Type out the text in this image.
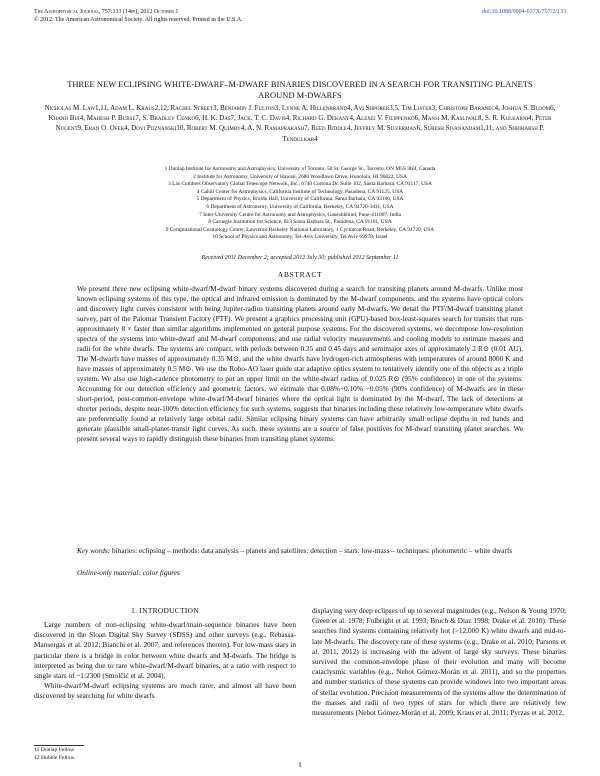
The Astrophysical Journal, 757:133 (14pp), 2012 October 1
© 2012. The American Astronomical Society. All rights reserved. Printed in the U.S.A.
doi:10.1088/0004-637X/757/2/133
THREE NEW ECLIPSING WHITE-DWARF–M-DWARF BINARIES DISCOVERED IN A SEARCH FOR TRANSITING PLANETS AROUND M-DWARFS
Nicholas M. Law1,11, Adam L. Kraus2,12, Rachel Street3, Benjamin J. Fulton3, Lynne A. Hillenbrand4, Avi Shporer3,5, Tim Lister3, Christoph Baranec4, Joshua S. Bloom6, Khanh Bui4, Mahesh P. Burse7, S. Bradley Cenko6, H. K. Das7, Jack. T. C. Davis4, Richard G. Dekany4, Alexei V. Filippenko6, Mansi M. Kasliwal8, S. R. Kulkarni4, Peter Nugent9, Eran O. Ofek4, Dovi Poznanski10, Robert M. Quimby4, A. N. Ramaprakash7, Reed Riddle4, Jeffrey M. Silverman6, Suresh Sivanandam1,11, and Shriharsh P. Tendulkar4
1 Dunlap Institute for Astronomy and Astrophysics, University of Toronto, 50 St. George St., Toronto, ON M5S 3H4, Canada
2 Institute for Astronomy, University of Hawaii, 2680 Woodlawn Drive, Honolulu, HI 96822, USA
3 Las Cumbres Observatory Global Telescope Network, Inc., 6740 Cortona Dr. Suite 102, Santa Barbara, CA 93117, USA
4 Cahill Center for Astrophysics, California Institute of Technology, Pasadena, CA 91125, USA
5 Department of Physics, Broida Hall, University of California, Santa Barbara, CA 93106, USA
6 Department of Astronomy, University of California, Berkeley, CA 94720-3411, USA
7 Inter-University Centre for Astronomy and Astrophysics, Ganeshkhind, Pune-411007, India
8 Carnegie Institution for Science, 813 Santa Barbara St., Pasadena, CA 91101, USA
9 Computational Cosmology Center, Lawrence Berkeley National Laboratory, 1 Cyclotron Road, Berkeley, CA 94720, USA
10 School of Physics and Astronomy, Tel-Aviv University, Tel Aviv 69978, Israel
Received 2011 December 2; accepted 2012 July 30; published 2012 September 11
ABSTRACT
We present three new eclipsing white-dwarf/M-dwarf binary systems discovered during a search for transiting planets around M-dwarfs. Unlike most known eclipsing systems of this type, the optical and infrared emission is dominated by the M-dwarf components, and the systems have optical colors and discovery light curves consistent with being Jupiter-radius transiting planets around early M-dwarfs. We detail the PTF/M-dwarf transiting planet survey, part of the Palomar Transient Factory (PTF). We present a graphics processing unit (GPU)-based box-least-squares search for transits that runs approximately 8 × faster than similar algorithms implemented on general purpose systems. For the discovered systems, we decompose low-resolution spectra of the systems into white-dwarf and M-dwarf components, and use radial velocity measurements and cooling models to estimate masses and radii for the white dwarfs. The systems are compact, with periods between 0.35 and 0.45 days and semimajor axes of approximately 2 R⊙ (0.01 AU). The M-dwarfs have masses of approximately 0.35 M⊙, and the white dwarfs have hydrogen-rich atmospheres with temperatures of around 8000 K and have masses of approximately 0.5 M⊙. We use the Robo-AO laser guide star adaptive optics system to tentatively identify one of the objects as a triple system. We also use high-cadence photometry to put an upper limit on the white-dwarf radius of 0.025 R⊙ (95% confidence) in one of the systems. Accounting for our detection efficiency and geometric factors, we estimate that 0.08%+0.10% −0.05% (90% confidence) of M-dwarfs are in these short-period, post-common-envelope white-dwarf/M-dwarf binaries where the optical light is dominated by the M-dwarf. The lack of detections at shorter periods, despite near-100% detection efficiency for such systems, suggests that binaries including these relatively low-temperature white dwarfs are preferentially found at relatively large orbital radii. Similar eclipsing binary systems can have arbitrarily small eclipse depths in red bands and generate plausible small-planet-transit light curves. As such, these systems are a source of false positives for M-dwarf transiting planet searches. We present several ways to rapidly distinguish these binaries from transiting planet systems.
Key words: binaries: eclipsing – methods: data analysis – planets and satellites: detection – stars: low-mass – techniques: photometric – white dwarfs
Online-only material: color figures
1. INTRODUCTION

Large numbers of non-eclipsing white-dwarf/main-sequence binaries have been discovered in the Sloan Digital Sky Survey (SDSS) and other surveys (e.g., Rebassa-Mansergas et al. 2012; Bianchi et al. 2007, and references therein). For low-mass stars in particular there is a bridge in color between white dwarfs and M-dwarfs. The bridge is interpreted as being due to rare white-dwarf/M-dwarf binaries, at a ratio with respect to single stars of ~1:2300 (Smolčić et al. 2004).

White-dwarf/M-dwarf eclipsing systems are much rarer, and almost all have been discovered by searching for white dwarfs

displaying very deep eclipses of up to several magnitudes (e.g., Nelson & Young 1970; Green et al. 1978; Fulbright et al. 1993; Bruch & Diaz 1998; Drake et al. 2010). These searches find systems containing relatively hot (>12,000 K) white dwarfs and mid-to-late M-dwarfs. The discovery rate of these systems (e.g., Drake et al. 2010; Parsons et al. 2011, 2012) is increasing with the advent of large sky surveys. These binaries survived the common-envelope phase of their evolution and many will become cataclysmic variables (e.g., Nebot Gómez-Morán et al. 2011), and so the properties and number statistics of these systems can provide windows into two important areas of stellar evolution. Precision measurements of the systems allow the determination of the masses and radii of two types of stars for which there are relatively few measurements (Nebot Gómez-Morán et al. 2009; Kraus et al. 2011; Pyrzas et al. 2012,

11 Dunlap Fellow.
12 Hubble Fellow.
1
